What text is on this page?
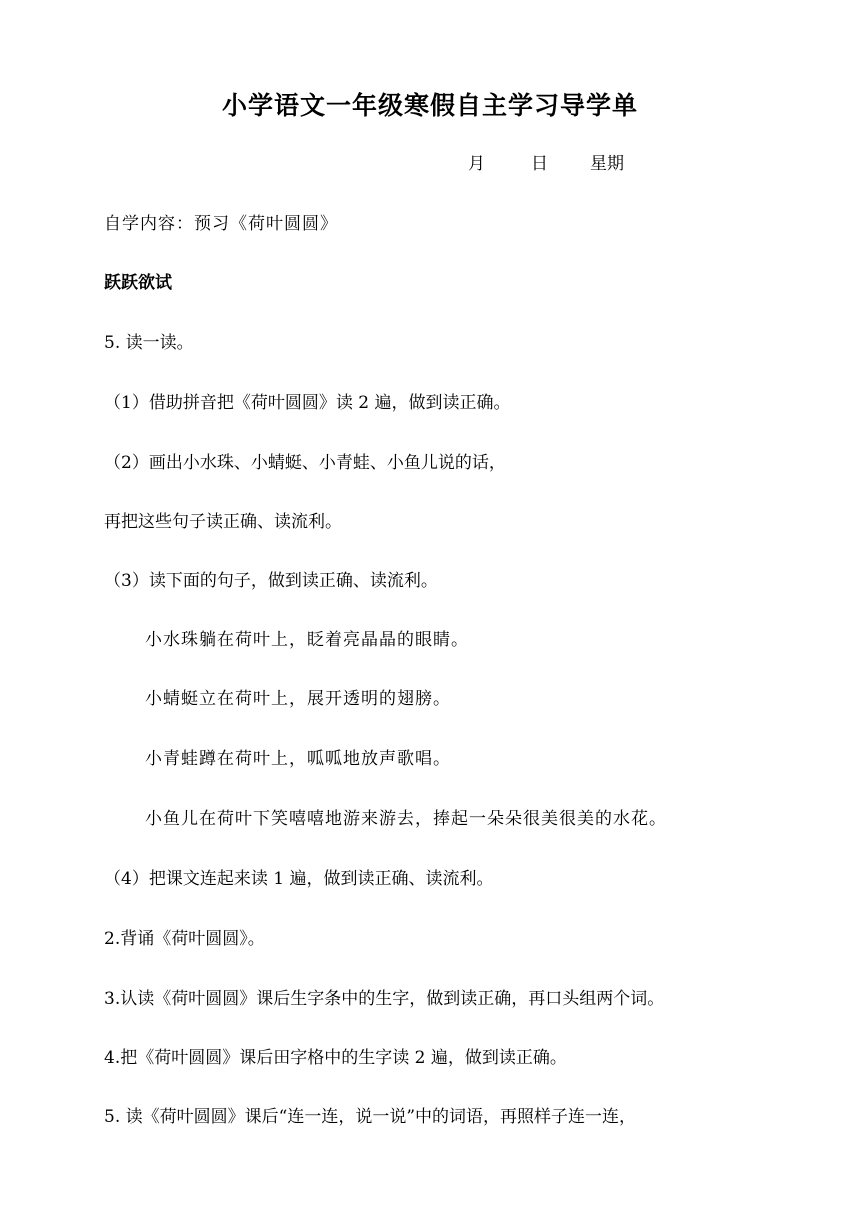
小学语文一年级寒假自主学习导学单
月	日 星期
自学内容：预习《荷叶圆圆》
跃跃欲试
5. 读一读。
（1）借助拼音把《荷叶圆圆》读 2 遍，做到读正确。
（2）画出小水珠、小蜻蜓、小青蛙、小鱼儿说的话，
再把这些句子读正确、读流利。
（3）读下面的句子，做到读正确、读流利。
小水珠躺在荷叶上，眨着亮晶晶的眼睛。
小蜻蜓立在荷叶上，展开透明的翅膀。
小青蛙蹲在荷叶上，呱呱地放声歌唱。
小鱼儿在荷叶下笑嘻嘻地游来游去，捧起一朵朵很美很美的水花。
（4）把课文连起来读 1 遍，做到读正确、读流利。
2.背诵《荷叶圆圆》。
3.认读《荷叶圆圆》课后生字条中的生字，做到读正确，再口头组两个词。
4.把《荷叶圆圆》课后田字格中的生字读 2 遍，做到读正确。
5. 读《荷叶圆圆》课后“连一连，说一说”中的词语，再照样子连一连，
